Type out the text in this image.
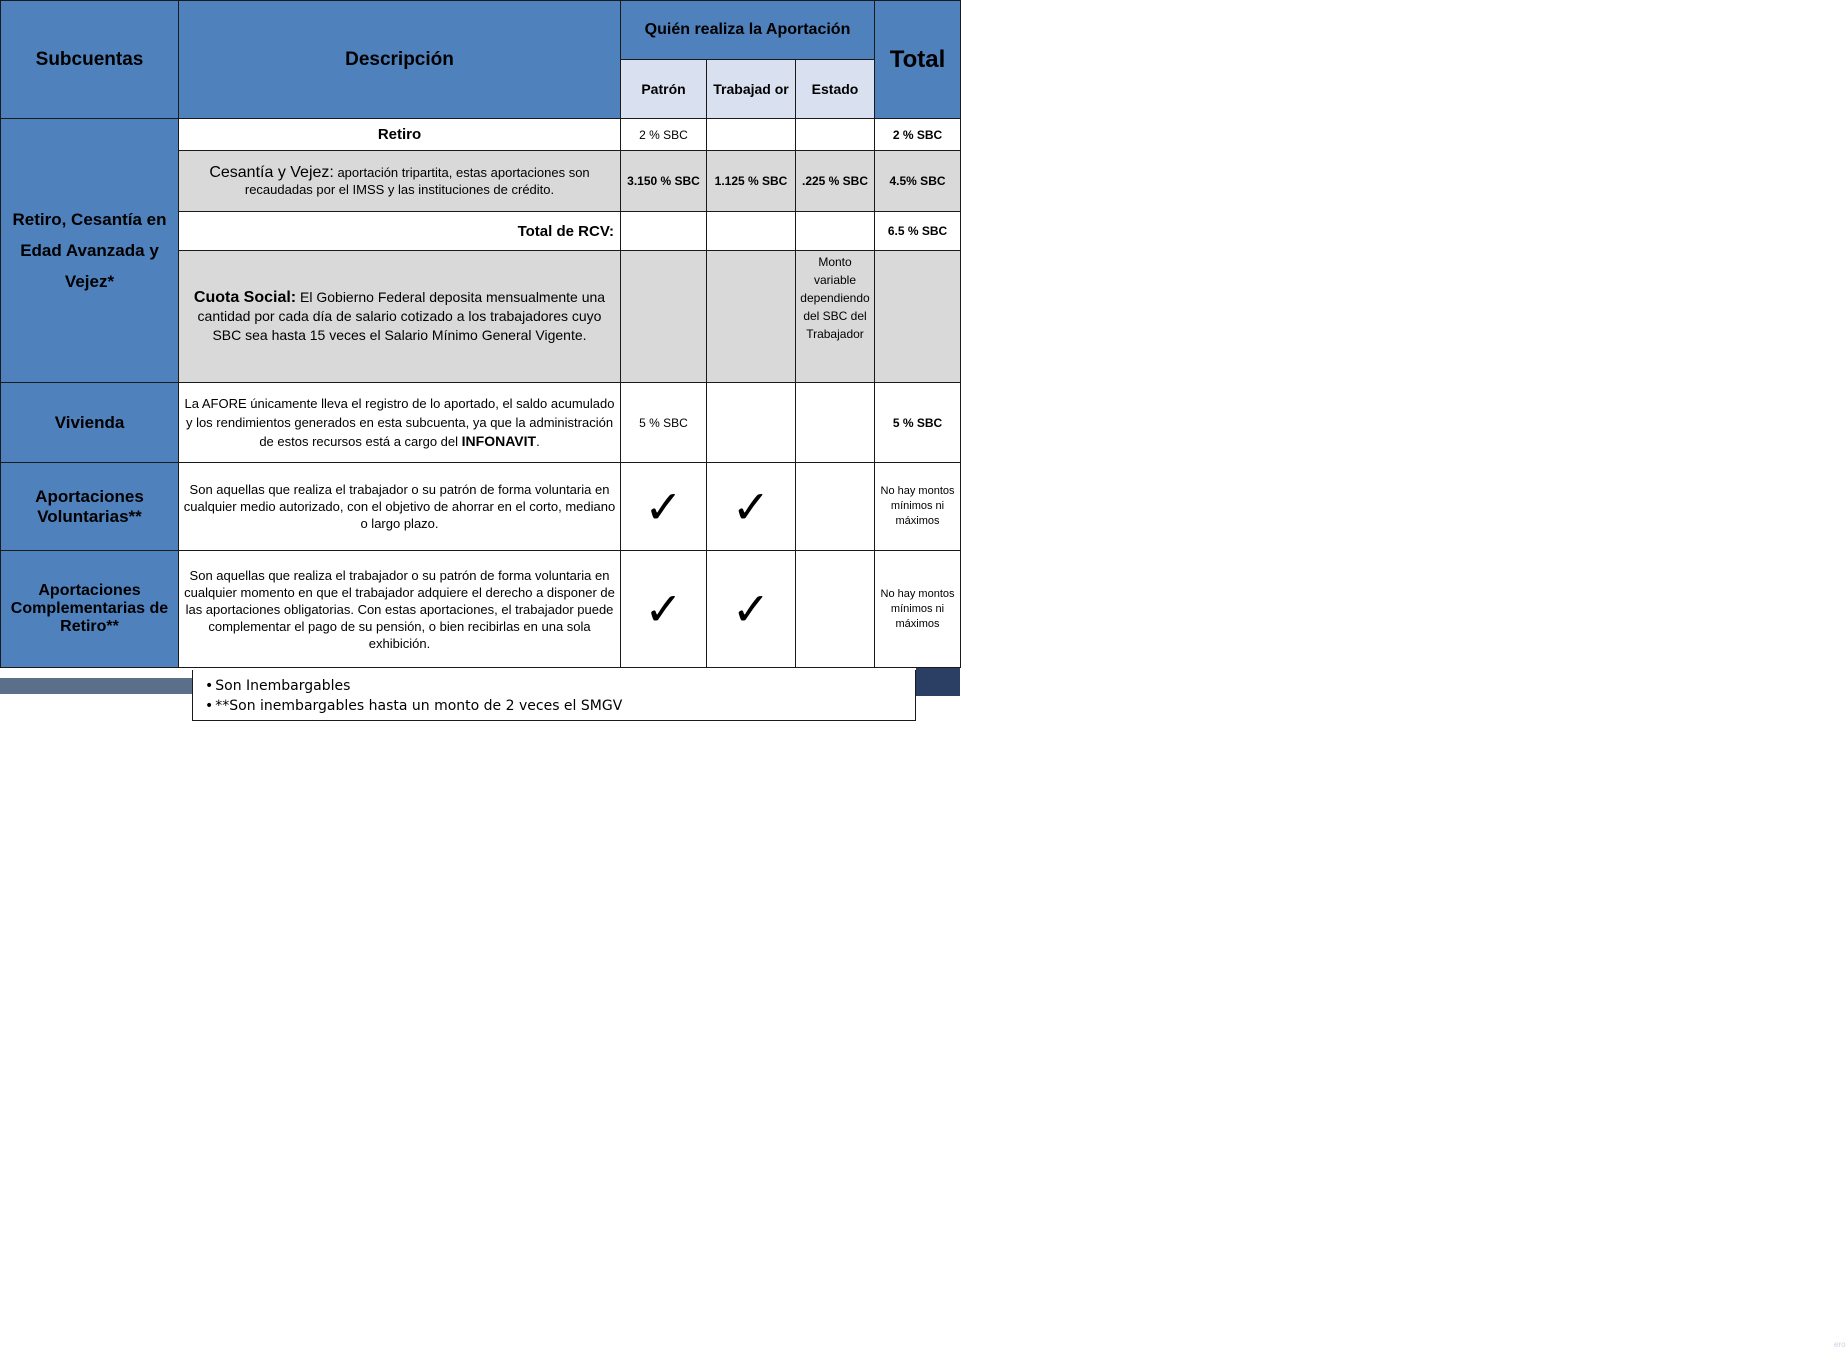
ero
Subcuentas	Descripción	Quién realiza la Aportación			Total
		Patrón	Trabajad or	Estado	
Retiro, Cesantía en Edad Avanzada y Vejez*	Retiro	2 % SBC			2 % SBC
	Cesantía y Vejez: aportación tripartita, estas aportaciones son recaudadas por el IMSS y las instituciones de crédito.	3.150 % SBC	1.125 % SBC	.225 % SBC	4.5% SBC
	Total de RCV:				6.5 % SBC
	Cuota Social: El Gobierno Federal deposita mensualmente una cantidad por cada día de salario cotizado a los trabajadores cuyo SBC sea hasta 15 veces el Salario Mínimo General Vigente.			Monto variable dependiendo del SBC del Trabajador	
Vivienda	La AFORE únicamente lleva el registro de lo aportado, el saldo acumulado y los rendimientos generados en esta subcuenta, ya que la administración de estos recursos está a cargo del INFONAVIT.	5 % SBC			5 % SBC
Aportaciones Voluntarias**	Son aquellas que realiza el trabajador o su patrón de forma voluntaria en cualquier medio autorizado, con el objetivo de ahorrar en el corto, mediano o largo plazo.	✓	✓		No hay montos mínimos ni máximos
Aportaciones Complementarias de Retiro**	Son aquellas que realiza el trabajador o su patrón de forma voluntaria en cualquier momento en que el trabajador adquiere el derecho a disponer de las aportaciones obligatorias. Con estas aportaciones, el trabajador puede complementar el pago de su pensión, o bien recibirlas en una sola exhibición.	✓	✓		No hay montos mínimos ni máximos
• Son Inembargables
• **Son inembargables hasta un monto de 2 veces el SMGV
